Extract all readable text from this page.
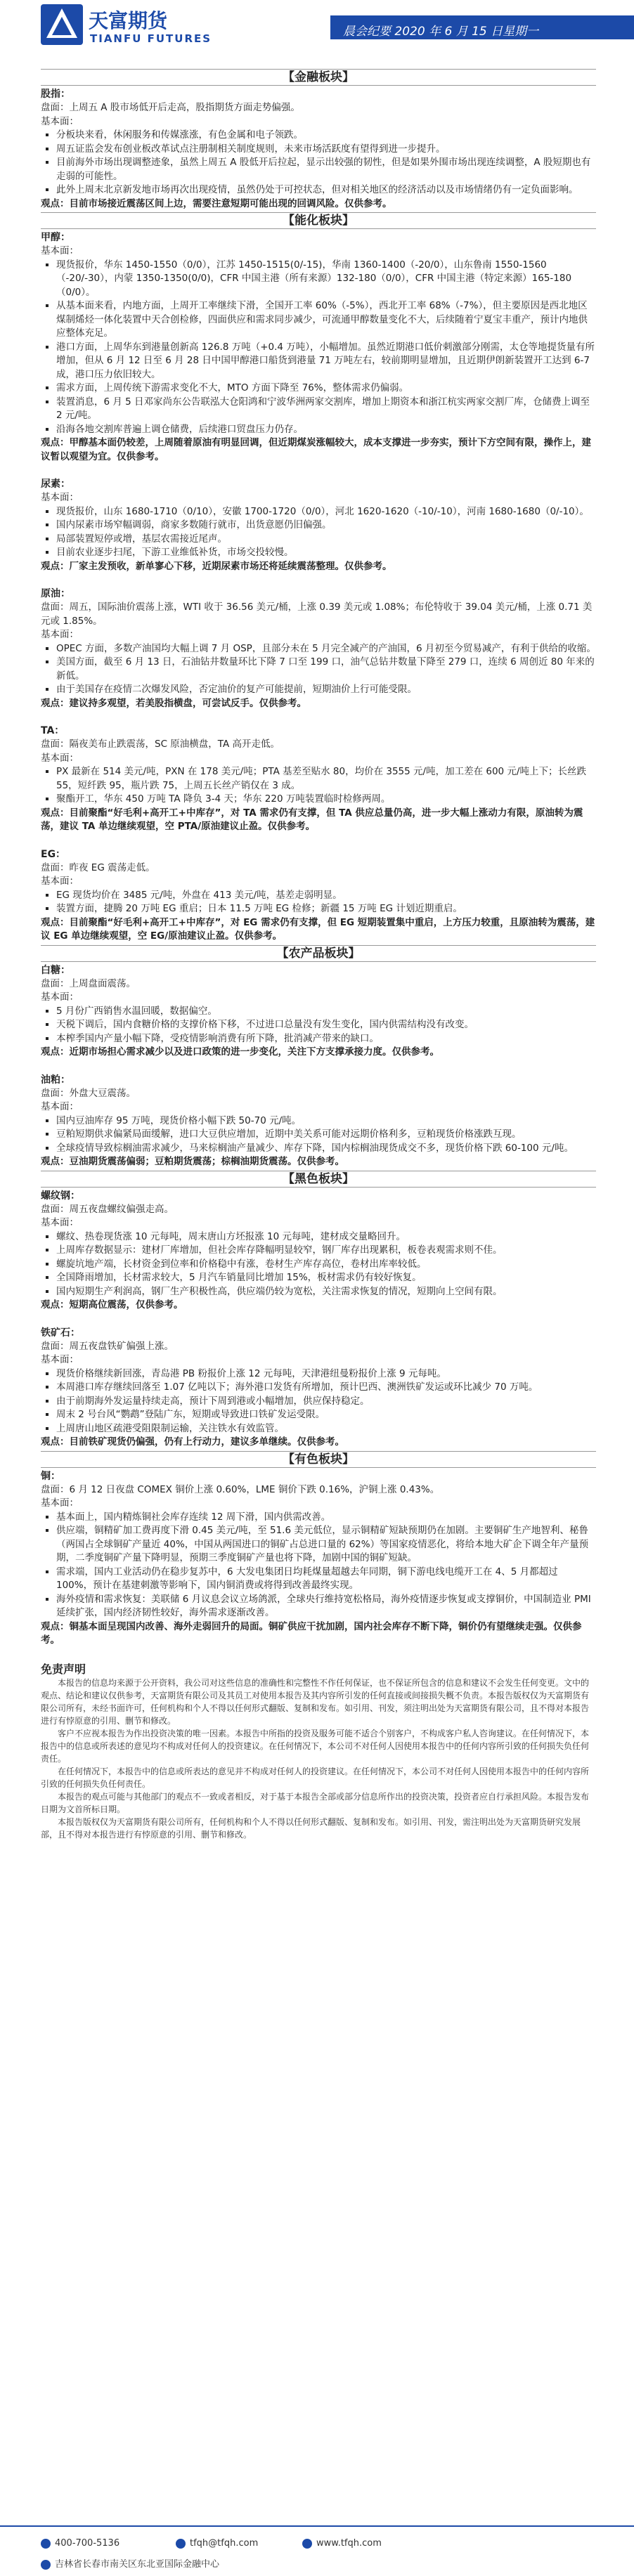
天富期货
TIANFU FUTURES	晨会纪要 2020 年 6 月 15 日星期一
【金融板块】
股指：

盘面：上周五 A 股市场低开后走高，股指期货方面走势偏强。

基本面：
▪ 分板块来看，休闲服务和传媒涨涨，有色金属和电子领跌。
▪ 周五证监会发布创业板改革试点注册制相关制度规则，未来市场活跃度有望得到进一步提升。
▪ 目前海外市场出现调整迹象，虽然上周五 A 股低开后拉起，显示出较强的韧性，但是如果外围市场出现连续调整，A 股短期也有走弱的可能性。
▪ 此外上周末北京新发地市场再次出现疫情，虽然仍处于可控状态，但对相关地区的经济活动以及市场情绪仍有一定负面影响。
观点：目前市场接近震荡区间上边，需要注意短期可能出现的回调风险。仅供参考。
【能化板块】
甲醇：
基本面：
▪ 现货报价，华东 1450-1550（0/0），江苏 1450-1515(0/-15)，华南 1360-1400（-20/0），山东鲁南 1550-1560（-20/-30），内蒙 1350-1350(0/0)，CFR 中国主港（所有来源）132-180（0/0），CFR 中国主港（特定来源）165-180（0/0）。
▪ 从基本面来看，内地方面，上周开工率继续下滑，全国开工率 60%（-5%），西北开工率 68%（-7%），但主要原因是西北地区煤制烯烃一体化装置中天合创检修，四面供应和需求同步减少，可流通甲醇数量变化不大，后续随着宁夏宝丰重产，预计内地供应整体充足。
▪ 港口方面，上周华东到港量创新高 126.8 万吨（+0.4 万吨），小幅增加。虽然近期港口低价刺激部分刚需，太仓等地提货量有所增加，但从 6 月 12 日至 6 月 28 日中国甲醇港口船货到港量 71 万吨左右，较前期明显增加，且近期伊朗新装置开工达到 6-7 成，港口压力依旧较大。
▪ 需求方面，上周传统下游需求变化不大，MTO 方面下降至 76%，整体需求仍偏弱。
▪ 装置消息，6 月 5 日邓家尚东公告联泓大仓阳鸿和宁波华洲两家交割库，增加上期资本和浙江杭实两家交割厂库，仓储费上调至 2 元/吨。
▪ 沿海各地交割库普遍上调仓储费，后续港口贸盘压力仍存。
观点：甲醇基本面仍较差，上周随着原油有明显回调，但近期煤炭涨幅较大，成本支撑进一步夯实，预计下方空间有限，操作上，建议暂以观望为宜。仅供参考。
尿素：
基本面：
▪ 现货报价，山东 1680-1710（0/10），安徽 1700-1720（0/0），河北 1620-1620（-10/-10），河南 1680-1680（0/-10）。
▪ 国内尿素市场窄幅调弱，商家多数随行就市，出货意愿仍旧偏强。
▪ 局部装置短停或增，基层农需接近尾声。
▪ 目前农业逐步扫尾，下游工业维低补货，市场交投较慢。
观点：厂家主发预收，新单寥心下移，近期尿素市场还将延续震荡整理。仅供参考。
原油：

盘面：周五，国际油价震荡上涨，WTI 收于 36.56 美元/桶，上涨 0.39 美元或 1.08%；布伦特收于 39.04 美元/桶，上涨 0.71 美元或 1.85%。

基本面：
▪ OPEC 方面，多数产油国均大幅上调 7 月 OSP，且部分未在 5 月完全减产的产油国，6 月初至今贸易减产，有利于供给的收缩。
▪ 美国方面，截至 6 月 13 日，石油钻井数量环比下降 7 口至 199 口，油气总钻井数量下降至 279 口，连续 6 周创近 80 年来的新低。
▪ 由于美国存在疫情二次爆发风险，否定油价的复产可能提前，短期油价上行可能受限。
观点：建议持多观望，若美股指横盘，可尝试反手。仅供参考。
TA：

盘面：隔夜美布止跌震荡，SC 原油横盘，TA 高开走低。

基本面：
▪ PX 最新在 514 美元/吨，PXN 在 178 美元/吨；PTA 基差至贴水 80，均价在 3555 元/吨，加工差在 600 元/吨上下；长丝跌 55，短纤跌 95，瓶片跌 75，上周五长丝产销仅在 3 成。
▪ 聚酯开工，华东 450 万吨 TA 降负 3-4 天；华东 220 万吨装置临时检修两周。
观点：目前聚酯“好毛利+高开工+中库存”，对 TA 需求仍有支撑，但 TA 供应总量仍高，进一步大幅上涨动力有限，原油转为震荡，建议 TA 单边继续观望，空 PTA/原油建议止盈。仅供参考。
EG：

盘面：昨夜 EG 震荡走低。

基本面：
▪ EG 现货均价在 3485 元/吨，外盘在 413 美元/吨，基差走弱明显。
▪ 装置方面，捷腾 20 万吨 EG 重启；日本 11.5 万吨 EG 检修；新疆 15 万吨 EG 计划近期重启。
观点：目前聚酯“好毛利+高开工+中库存”，对 EG 需求仍有支撑，但 EG 短期装置集中重启，上方压力较重，且原油转为震荡，建议 EG 单边继续观望，空 EG/原油建议止盈。仅供参考。
【农产品板块】
白糖：

盘面：上周盘面震荡。

基本面：
▪ 5 月份广西销售水温回暖，数据偏空。
▪ 天税下调后，国内食糖价格的支撑价格下移，不过进口总量没有发生变化，国内供需结构没有改变。
▪ 本榨季国内产量小幅下降，受疫情影响消费有所下降，批消减产带来的缺口。
观点：近期市场担心需求减少以及进口政策的进一步变化，关注下方支撑承接力度。仅供参考。
油粕：

盘面：外盘大豆震荡。

基本面：
▪ 国内豆油库存 95 万吨，现货价格小幅下跌 50-70 元/吨。
▪ 豆粕短期供求偏紧局面缓解，进口大豆供应增加，近期中美关系可能对远期价格利多，豆粕现货价格涨跌互现。
▪ 全球疫情导致棕榈油需求减少，马来棕榈油产量减少、库存下降，国内棕榈油现货成交不多，现货价格下跌 60-100 元/吨。
观点：豆油期货震荡偏弱；豆粕期货震荡；棕榈油期货震荡。仅供参考。
【黑色板块】
螺纹钢：

盘面：周五夜盘螺纹偏强走高。

基本面：
▪ 螺纹、热卷现货涨 10 元每吨，周末唐山方坯报涨 10 元每吨，建材成交量略回升。
▪ 上周库存数据显示：建材厂库增加，但社会库存降幅明显较窄，钢厂库存出现累积，板卷表观需求则不佳。
▪ 螺旋坑地产端，长材资金到位率和价格稳中有涨，卷材生产库存高位，卷材出库率较低。
▪ 全国降雨增加，长材需求较大，5 月汽车销量同比增加 15%，板材需求仍有较好恢复。
▪ 国内短期生产利润高，钢厂生产积极性高，供应端仍较为宽松，关注需求恢复的情况，短期向上空间有限。
观点：短期高位震荡，仅供参考。
铁矿石：

盘面：周五夜盘铁矿偏强上涨。

基本面：
▪ 现货价格继续新回涨，青岛港 PB 粉报价上涨 12 元每吨，天津港纽曼粉报价上涨 9 元每吨。
▪ 本周港口库存继续回落至 1.07 亿吨以下；海外港口发货有所增加，预计巴西、澳洲铁矿发运或环比减少 70 万吨。
▪ 由于前期海外发运量持续走高，预计下周到港或小幅增加，供应保持稳定。
▪ 周末 2 号台风“鹦鹉”登陆广东，短期或导致进口铁矿发运受限。
▪ 上周唐山地区疏港受阻限制运输，关注铁水有效监管。
观点：目前铁矿现货仍偏强，仍有上行动力，建议多单继续。仅供参考。
【有色板块】
铜：

盘面：6 月 12 日夜盘 COMEX 铜价上涨 0.60%，LME 铜价下跌 0.16%，沪铜上涨 0.43%。

基本面：
▪ 基本面上，国内精炼铜社会库存连续 12 周下滑，国内供需改善。
▪ 供应端，铜精矿加工费再度下滑 0.45 美元/吨，至 51.6 美元低位，显示铜精矿短缺预期仍在加剧。主要铜矿生产地智利、秘鲁（两国占全球铜矿产量近 40%，中国从两国进口的铜矿占总进口量的 62%）等国家疫情恶化，将给本地大矿企下调全年产量预期，二季度铜矿产量下降明显，预期三季度铜矿产量也将下降，加剧中国的铜矿短缺。
▪ 需求端，国内工业活动仍在稳步复苏中，6 大发电集团日均耗煤量超越去年同期，铜下游电线电缆开工在 4、5 月都超过 100%，预计在基建刺激等影响下，国内铜消费或将得到改善最终实现。
▪ 海外疫情和需求恢复：美联储 6 月议息会议立场鸽派，全球央行维持宽松格局，海外疫情逐步恢复或支撑铜价，中国制造业 PMI 延续扩张，国内经济韧性较好，海外需求逐渐改善。
观点：铜基本面呈现国内改善、海外走弱回升的局面。铜矿供应干扰加剧，国内社会库存不断下降，铜价仍有望继续走强。仅供参考。
免责声明

本报告的信息均来源于公开资料，我公司对这些信息的准确性和完整性不作任何保证，也不保证所包含的信息和建议不会发生任何变更。文中的观点、结论和建议仅供参考，天富期货有限公司及其员工对使用本报告及其内容所引发的任何直接或间接损失概不负责。本报告版权仅为天富期货有限公司所有，未经书面许可，任何机构和个人不得以任何形式翻版、复制和发布。如引用、刊发，须注明出处为天富期货有限公司，且不得对本报告进行有悖原意的引用、删节和修改。

客户不应视本报告为作出投资决策的唯一因素。本报告中所指的投资及服务可能不适合个别客户，不构成客户私人咨询建议。在任何情况下，本报告中的信息或所表述的意见均不构成对任何人的投资建议。在任何情况下，本公司不对任何人因使用本报告中的任何内容所引致的任何损失负任何责任。

在任何情况下，本报告中的信息或所表达的意见并不构成对任何人的投资建议。在任何情况下，本公司不对任何人因使用本报告中的任何内容所引致的任何损失负任何责任。

本报告的观点可能与其他部门的观点不一致或者相反，对于基于本报告全部或部分信息所作出的投资决策，投资者应自行承担风险。本报告发布日期为文首所标日期。

本报告版权仅为天富期货有限公司所有，任何机构和个人不得以任何形式翻版、复制和发布。如引用、刊发，需注明出处为天富期货研究发展部，且不得对本报告进行有悖原意的引用、删节和修改。

400-700-5136	tfqh@tfqh.com	www.tfqh.com
吉林省长春市南关区东北亚国际金融中心
